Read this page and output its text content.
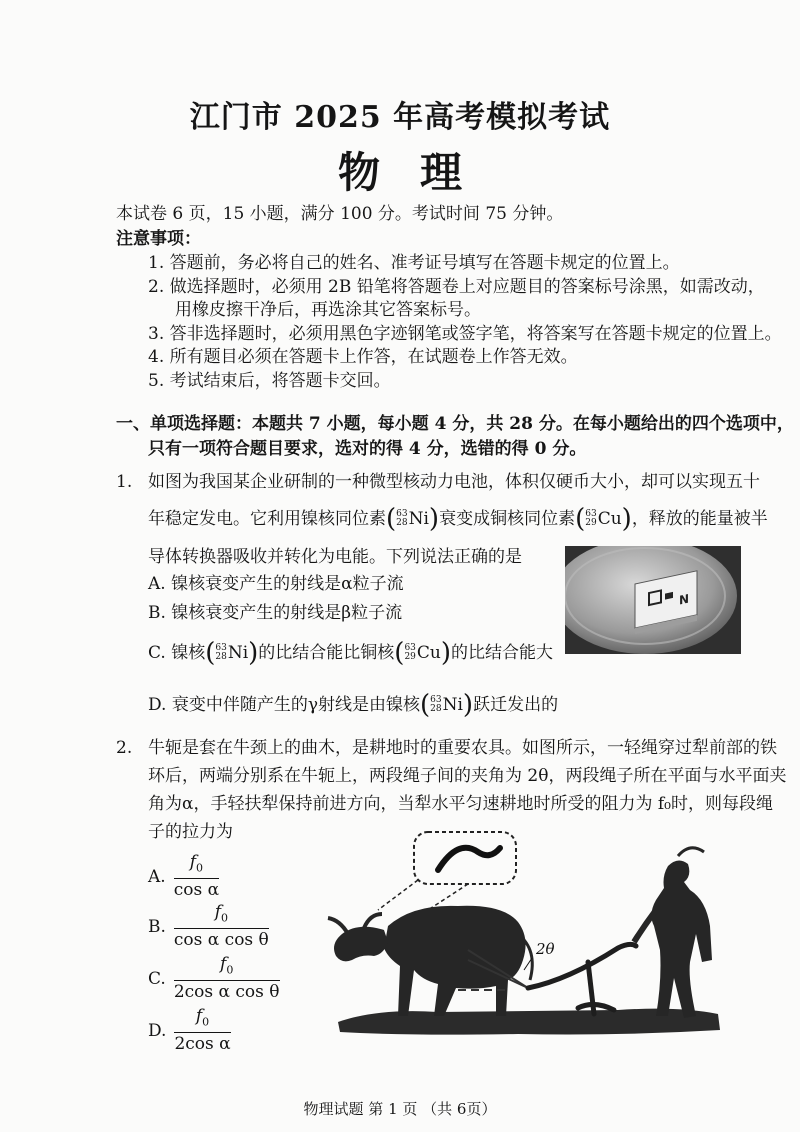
江门市 2025 年高考模拟考试
物理
本试卷 6 页，15 小题，满分 100 分。考试时间 75 分钟。
注意事项：
1. 答题前，务必将自己的姓名、准考证号填写在答题卡规定的位置上。
2. 做选择题时，必须用 2B 铅笔将答题卷上对应题目的答案标号涂黑，如需改动，
用橡皮擦干净后，再选涂其它答案标号。
3. 答非选择题时，必须用黑色字迹钢笔或签字笔，将答案写在答题卡规定的位置上。
4. 所有题目必须在答题卡上作答，在试题卷上作答无效。
5. 考试结束后，将答题卡交回。
一、单项选择题：本题共 7 小题，每小题 4 分，共 28 分。在每小题给出的四个选项中，
只有一项符合题目要求，选对的得 4 分，选错的得 0 分。
1. 如图为我国某企业研制的一种微型核动力电池，体积仅硬币大小，却可以实现五十
年稳定发电。它利用镍核同位素 ( 63
28 Ni ) 衰变成铜核同位素 ( 63
29 Cu ) ，释放的能量被半
导体转换器吸收并转化为电能。下列说法正确的是
A. 镍核衰变产生的射线是α粒子流
B. 镍核衰变产生的射线是β粒子流
C. 镍核 ( 63
28 Ni ) 的比结合能比铜核 ( 63
29 Cu ) 的比结合能大
D. 衰变中伴随产生的γ射线是由镍核 ( 63
28 Ni ) 跃迁发出的
N
2. 牛轭是套在牛颈上的曲木，是耕地时的重要农具。如图所示，一轻绳穿过犁前部的铁
环后，两端分别系在牛轭上，两段绳子间的夹角为 2θ，两段绳子所在平面与水平面夹
角为α，手轻扶犁保持前进方向，当犁水平匀速耕地时所受的阻力为 f₀时，则每段绳
子的拉力为
A. $\frac{f_0}{\text{cos α}}$
B. $\frac{f_0}{\text{cos α cos θ}}$
C. $\frac{f_0}{\text{2cos α cos θ}}$
D. $\frac{f_0}{\text{2cos α}}$
2θ
物理试题 第 1 页 （共 6页）
